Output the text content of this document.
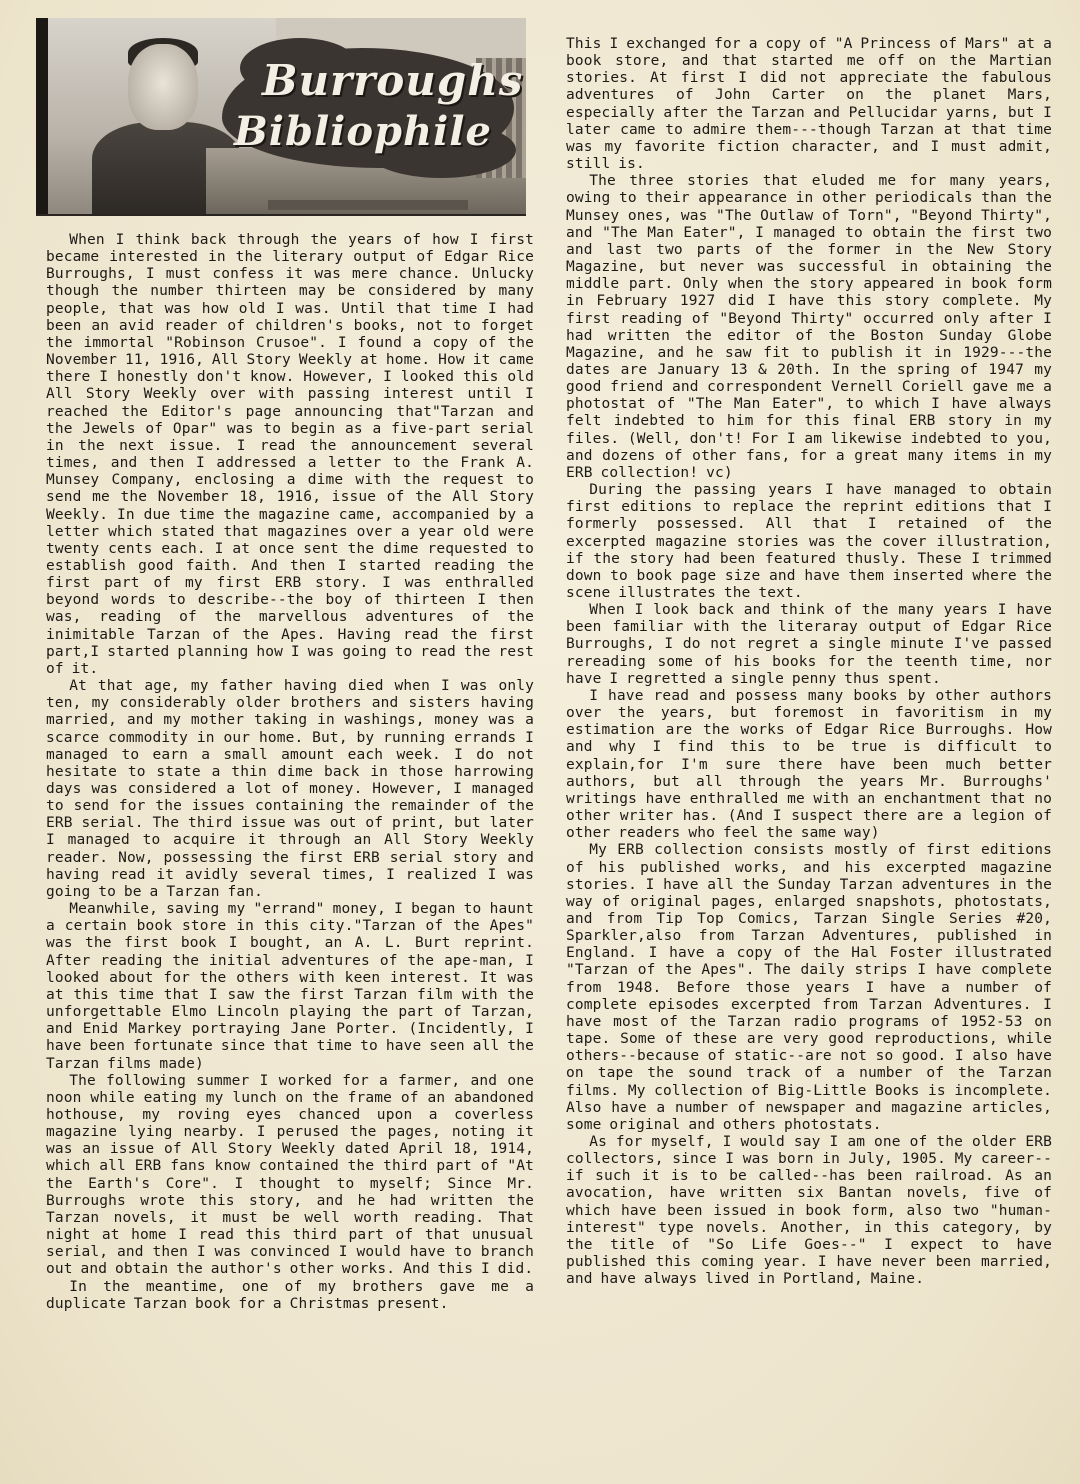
Burroughs
Bibliophile

When I think back through the years of how I first became interested in the literary output of Edgar Rice Burroughs, I must confess it was mere chance. Unlucky though the number thirteen may be considered by many people, that was how old I was. Until that time I had been an avid reader of children's books, not to forget the immortal "Robinson Crusoe". I found a copy of the November 11, 1916, All Story Weekly at home. How it came there I honestly don't know. However, I looked this old All Story Weekly over with passing interest until I reached the Editor's page announcing that"Tarzan and the Jewels of Opar" was to begin as a five-part serial in the next issue. I read the announcement several times, and then I addressed a letter to the Frank A. Munsey Company, enclosing a dime with the request to send me the November 18, 1916, issue of the All Story Weekly. In due time the magazine came, accompanied by a letter which stated that magazines over a year old were twenty cents each. I at once sent the dime requested to establish good faith. And then I started reading the first part of my first ERB story. I was enthralled beyond words to describe--the boy of thirteen I then was, reading of the marvellous adventures of the inimitable Tarzan of the Apes. Having read the first part,I started planning how I was going to read the rest of it.

At that age, my father having died when I was only ten, my considerably older brothers and sisters having married, and my mother taking in washings, money was a scarce commodity in our home. But, by running errands I managed to earn a small amount each week. I do not hesitate to state a thin dime back in those harrowing days was considered a lot of money. However, I managed to send for the issues containing the remainder of the ERB serial. The third issue was out of print, but later I managed to acquire it through an All Story Weekly reader. Now, possessing the first ERB serial story and having read it avidly several times, I realized I was going to be a Tarzan fan.

Meanwhile, saving my "errand" money, I began to haunt a certain book store in this city."Tarzan of the Apes" was the first book I bought, an A. L. Burt reprint. After reading the initial adventures of the ape-man, I looked about for the others with keen interest. It was at this time that I saw the first Tarzan film with the unforgettable Elmo Lincoln playing the part of Tarzan, and Enid Markey portraying Jane Porter. (Incidently, I have been fortunate since that time to have seen all the Tarzan films made)

The following summer I worked for a farmer, and one noon while eating my lunch on the frame of an abandoned hothouse, my roving eyes chanced upon a coverless magazine lying nearby. I perused the pages, noting it was an issue of All Story Weekly dated April 18, 1914, which all ERB fans know contained the third part of "At the Earth's Core". I thought to myself; Since Mr. Burroughs wrote this story, and he had written the Tarzan novels, it must be well worth reading. That night at home I read this third part of that unusual serial, and then I was convinced I would have to branch out and obtain the author's other works. And this I did.

In the meantime, one of my brothers gave me a duplicate Tarzan book for a Christmas present.

This I exchanged for a copy of "A Princess of Mars" at a book store, and that started me off on the Martian stories. At first I did not appreciate the fabulous adventures of John Carter on the planet Mars, especially after the Tarzan and Pellucidar yarns, but I later came to admire them---though Tarzan at that time was my favorite fiction character, and I must admit, still is.

The three stories that eluded me for many years, owing to their appearance in other periodicals than the Munsey ones, was "The Outlaw of Torn", "Beyond Thirty", and "The Man Eater", I managed to obtain the first two and last two parts of the former in the New Story Magazine, but never was successful in obtaining the middle part. Only when the story appeared in book form in February 1927 did I have this story complete. My first reading of "Beyond Thirty" occurred only after I had written the editor of the Boston Sunday Globe Magazine, and he saw fit to publish it in 1929---the dates are January 13 & 20th. In the spring of 1947 my good friend and correspondent Vernell Coriell gave me a photostat of "The Man Eater", to which I have always felt indebted to him for this final ERB story in my files. (Well, don't! For I am likewise indebted to you, and dozens of other fans, for a great many items in my ERB collection! vc)

During the passing years I have managed to obtain first editions to replace the reprint editions that I formerly possessed. All that I retained of the excerpted magazine stories was the cover illustration, if the story had been featured thusly. These I trimmed down to book page size and have them inserted where the scene illustrates the text.

When I look back and think of the many years I have been familiar with the literaray output of Edgar Rice Burroughs, I do not regret a single minute I've passed rereading some of his books for the teenth time, nor have I regretted a single penny thus spent.

I have read and possess many books by other authors over the years, but foremost in favoritism in my estimation are the works of Edgar Rice Burroughs. How and why I find this to be true is difficult to explain,for I'm sure there have been much better authors, but all through the years Mr. Burroughs' writings have enthralled me with an enchantment that no other writer has. (And I suspect there are a legion of other readers who feel the same way)

My ERB collection consists mostly of first editions of his published works, and his excerpted magazine stories. I have all the Sunday Tarzan adventures in the way of original pages, enlarged snapshots, photostats, and from Tip Top Comics, Tarzan Single Series #20, Sparkler,also from Tarzan Adventures, published in England. I have a copy of the Hal Foster illustrated "Tarzan of the Apes". The daily strips I have complete from 1948. Before those years I have a number of complete episodes excerpted from Tarzan Adventures. I have most of the Tarzan radio programs of 1952-53 on tape. Some of these are very good reproductions, while others--because of static--are not so good. I also have on tape the sound track of a number of the Tarzan films. My collection of Big-Little Books is incomplete. Also have a number of newspaper and magazine articles, some original and others photostats.

As for myself, I would say I am one of the older ERB collectors, since I was born in July, 1905. My career--if such it is to be called--has been railroad. As an avocation, have written six Bantan novels, five of which have been issued in book form, also two "human-interest" type novels. Another, in this category, by the title of "So Life Goes--" I expect to have published this coming year. I have never been married, and have always lived in Portland, Maine.
